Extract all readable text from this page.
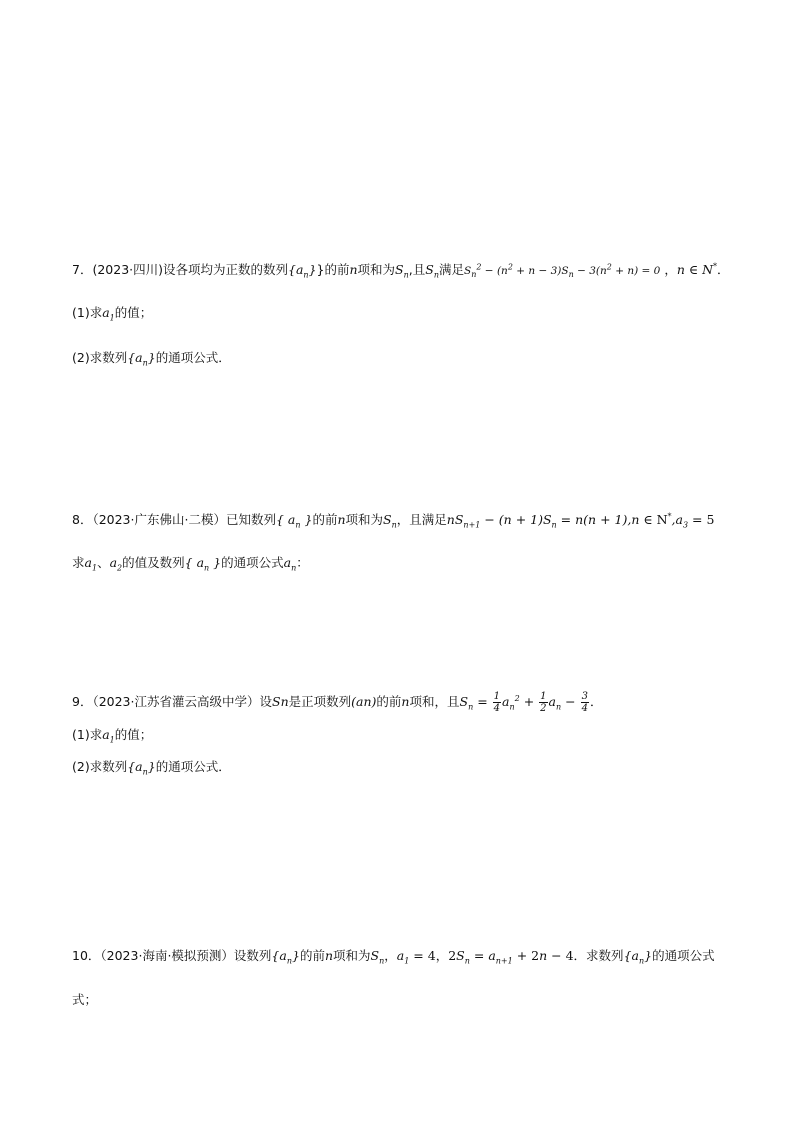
7．(2023·四川)设各项均为正数的数列$\{a_n\}$}的前n项和为$S_n$,且$S_n$满足$S_n^2 - (n^2 + n - 3)S_n - 3(n^2 + n) = 0$ ，n ∈ N*．
(1)求$a_1$的值；
(2)求数列$\{a_n\}$的通项公式．
8．（2023·广东佛山·二模）已知数列{ $a_n$ }的前n项和为$S_n$，且满足$nS_{n+1} - (n + 1)S_n = n(n + 1),n$ ∈ $N^*,a_3 = 5$
求$a_1$、$a_2$的值及数列{ $a_n$ }的通项公式$a_n$：
9．（2023·江苏省灌云高级中学）设Sn是正项数列(an)的前n项和，且$S_n = \frac{1}{4} a_n^2 + \frac{1}{2} a_n - \frac{3}{4}$ ．
(1)求$a_1$的值；
(2)求数列$\{a_n\}$的通项公式．
10．（2023·海南·模拟预测）设数列$\{a_n\}$的前n项和为$S_n$，$a_1 = 4$，$2S_n = a_{n+1} + 2n - 4$．求数列$\{a_n\}$的通项公式
式；
